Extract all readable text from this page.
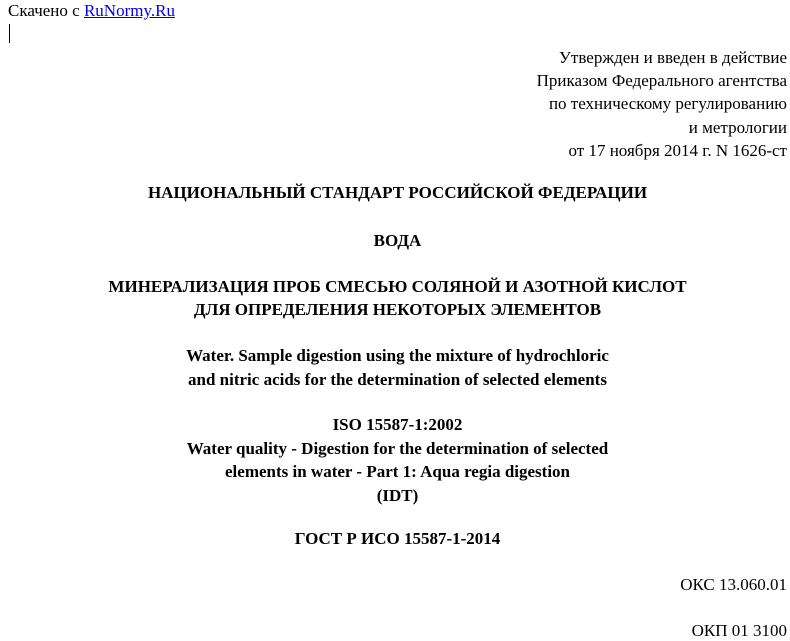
Скачено с RuNormy.Ru
Утвержден и введен в действие
Приказом Федерального агентства
по техническому регулированию
и метрологии
от 17 ноября 2014 г. N 1626-ст
НАЦИОНАЛЬНЫЙ СТАНДАРТ РОССИЙСКОЙ ФЕДЕРАЦИИ
ВОДА
МИНЕРАЛИЗАЦИЯ ПРОБ СМЕСЬЮ СОЛЯНОЙ И АЗОТНОЙ КИСЛОТ
ДЛЯ ОПРЕДЕЛЕНИЯ НЕКОТОРЫХ ЭЛЕМЕНТОВ
Water. Sample digestion using the mixture of hydrochloric
and nitric acids for the determination of selected elements
ISO 15587-1:2002
Water quality - Digestion for the determination of selected
elements in water - Part 1: Aqua regia digestion
(IDT)
ГОСТ Р ИСО 15587-1-2014
ОКС 13.060.01
ОКП 01 3100
